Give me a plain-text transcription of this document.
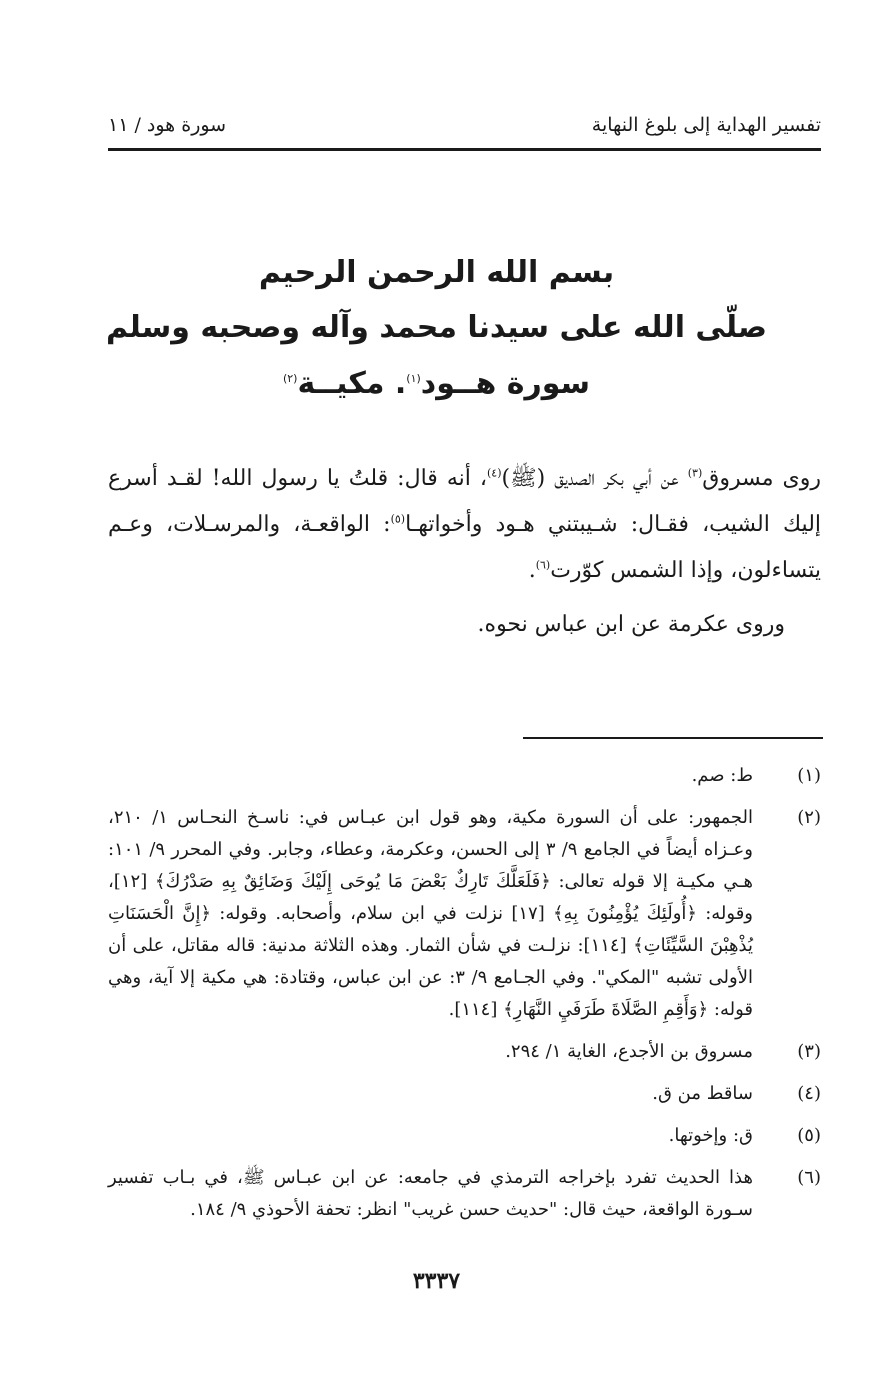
تفسير الهداية إلى بلوغ النهاية
سورة هود / ١١
بسم الله الرحمن الرحيم
صلّى الله على سيدنا محمد وآله وصحبه وسلم
سورة هــود$^{(١)}$. مكيــة$^{(٢)}$

روى مسروق$^{(٣)}$ عن أبي بكر الصديق (ﷺ)$^{(٤)}$، أنه قال: قلتُ يا رسول الله! لقـد أسرع إليك الشيب، فقـال: شـيبتني هـود وأخواتهـا$^{(٥)}$: الواقعـة، والمرسـلات، وعـم يتساءلون، وإذا الشمس كوّرت$^{(٦)}$.

وروى عكرمة عن ابن عباس نحوه.

(١)
ط: صم.
(٢)
الجمهور: على أن السورة مكية، وهو قول ابن عبـاس في: ناسـخ النحـاس ١/ ٢١٠، وعـزاه أيضاً في الجامع ٩/ ٣ إلى الحسن، وعكرمة، وعطاء، وجابر. وفي المحرر ٩/ ١٠١: هـي مكيـة إلا قوله تعالى: ﴿فَلَعَلَّكَ تَارِكٌ بَعْضَ مَا يُوحَى إِلَيْكَ وَضَائِقٌ بِهِ صَدْرُكَ﴾ [١٢]، وقوله: ﴿أُولَئِكَ يُؤْمِنُونَ بِهِ﴾ [١٧] نزلت في ابن سلام، وأصحابه. وقوله: ﴿إِنَّ الْحَسَنَاتِ يُذْهِبْنَ السَّيِّئَاتِ﴾ [١١٤]: نزلـت في شأن الثمار. وهذه الثلاثة مدنية: قاله مقاتل، على أن الأولى تشبه "المكي". وفي الجـامع ٩/ ٣: عن ابن عباس، وقتادة: هي مكية إلا آية، وهي قوله: ﴿وَأَقِمِ الصَّلَاةَ طَرَفَيِ النَّهَارِ﴾ [١١٤].
(٣)
مسروق بن الأجدع، الغاية ١/ ٢٩٤.
(٤)
ساقط من ق.
(٥)
ق: وإخوتها.
(٦)
هذا الحديث تفرد بإخراجه الترمذي في جامعه: عن ابن عبـاس ﷺ، في بـاب تفسير سـورة الواقعة، حيث قال: "حديث حسن غريب" انظر: تحفة الأحوذي ٩/ ١٨٤.
٣٣٣٧
